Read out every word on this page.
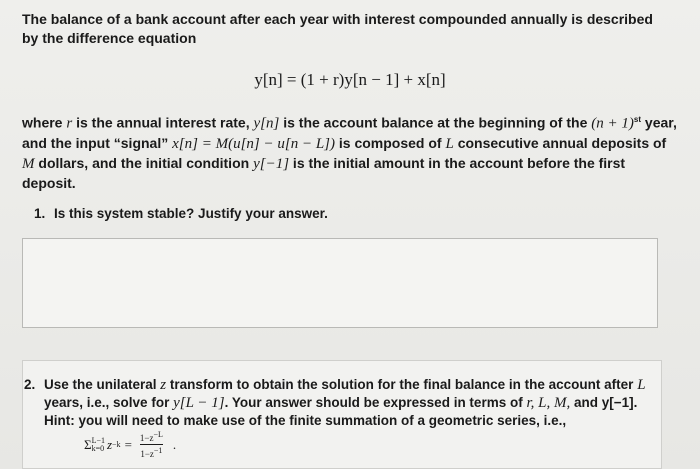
The balance of a bank account after each year with interest compounded annually is described
by the difference equation
y[n] = (1 + r)y[n − 1] + x[n]
where r is the annual interest rate, y[n] is the account balance at the beginning of the $(n + 1)^{st}$ year, and the input “signal” x[n] = M(u[n] − u[n − L]) is composed of L consecutive annual deposits of M dollars, and the initial condition y[−1] is the initial amount in the account before the first deposit.
1. Is this system stable? Justify your answer.
2. Use the unilateral z transform to obtain the solution for the final balance in the account after L years, i.e., solve for y[L − 1]. Your answer should be expressed in terms of r, L, M, and y[−1]. Hint: you will need to make use of the finite summation of a geometric series, i.e.,
Σ L−1
k=0 $z -k = \frac{1-z^{-L}}{1-z^{-1}}$ .
